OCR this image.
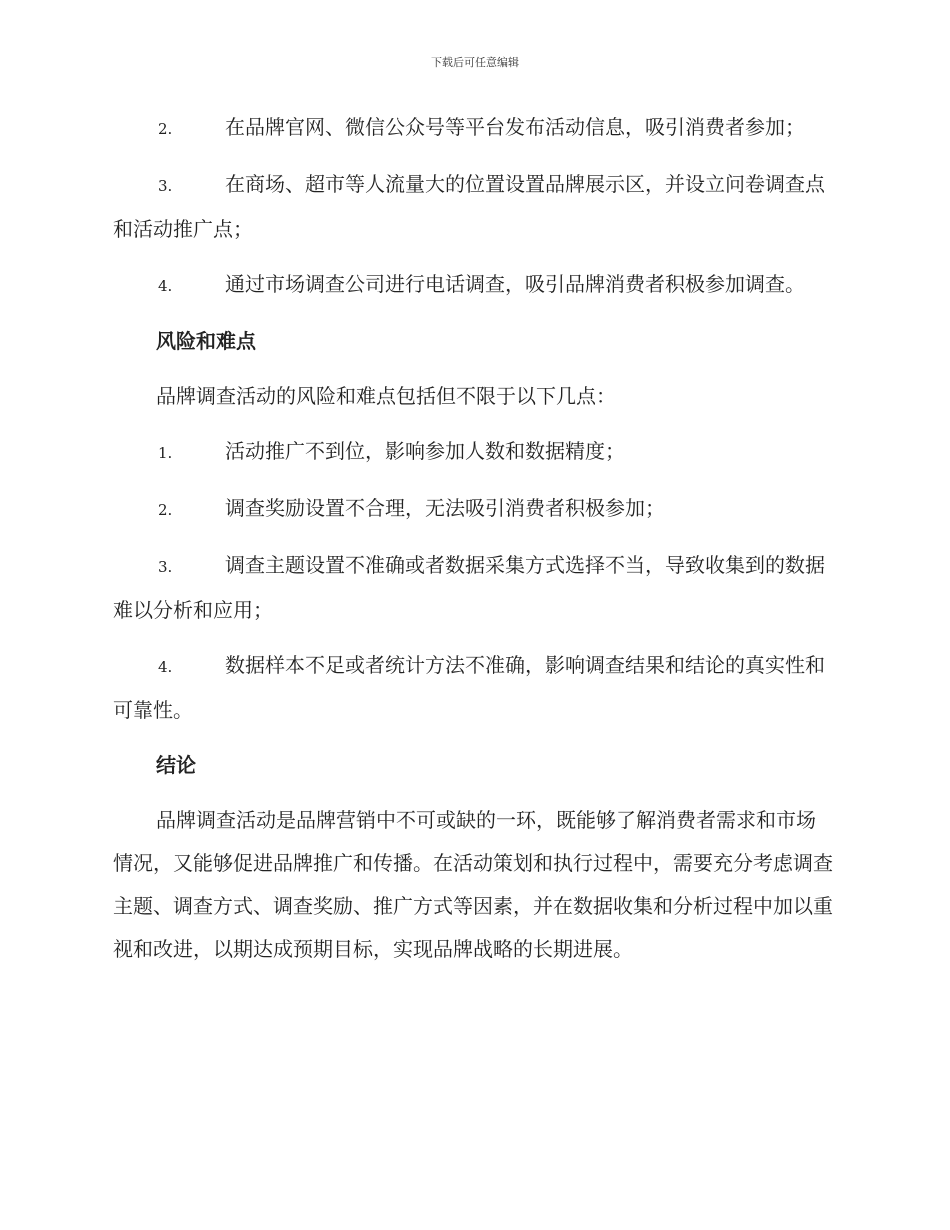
下载后可任意编辑
2.	在品牌官网、微信公众号等平台发布活动信息，吸引消费者参加；
3.	在商场、超市等人流量大的位置设置品牌展示区，并设立问卷调查点和活动推广点；
4.	通过市场调查公司进行电话调查，吸引品牌消费者积极参加调查。
风险和难点
品牌调查活动的风险和难点包括但不限于以下几点：
1.	活动推广不到位，影响参加人数和数据精度；
2.	调查奖励设置不合理，无法吸引消费者积极参加；
3.	调查主题设置不准确或者数据采集方式选择不当，导致收集到的数据难以分析和应用；
4.	数据样本不足或者统计方法不准确，影响调查结果和结论的真实性和可靠性。
结论
品牌调查活动是品牌营销中不可或缺的一环，既能够了解消费者需求和市场情况，又能够促进品牌推广和传播。在活动策划和执行过程中，需要充分考虑调查主题、调查方式、调查奖励、推广方式等因素，并在数据收集和分析过程中加以重视和改进，以期达成预期目标，实现品牌战略的长期进展。
